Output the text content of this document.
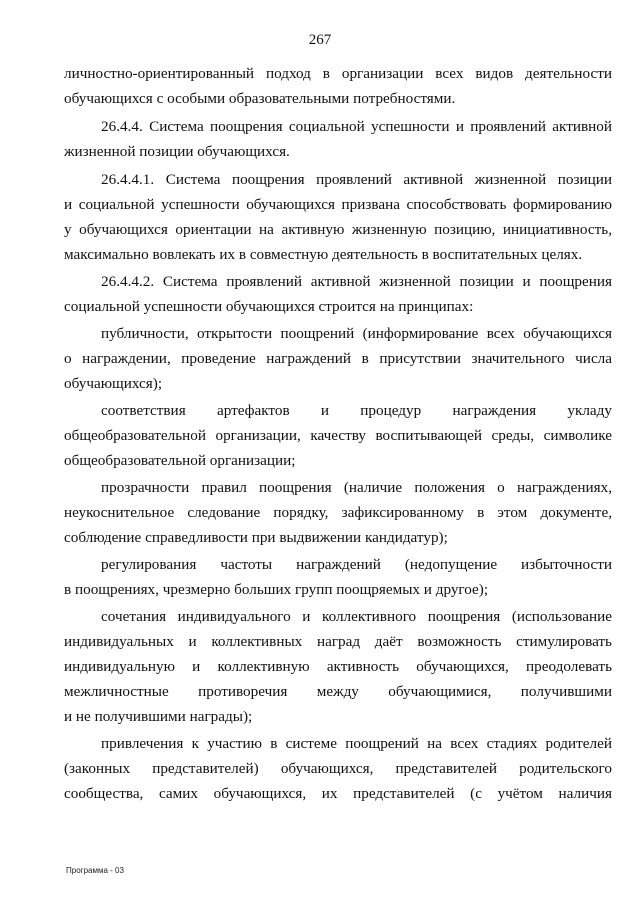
267
личностно-ориентированный подход в организации всех видов деятельности
обучающихся с особыми образовательными потребностями.
26.4.4. Система поощрения социальной успешности и проявлений активной
жизненной позиции обучающихся.
26.4.4.1. Система поощрения проявлений активной жизненной позиции
и социальной успешности обучающихся призвана способствовать формированию
у обучающихся ориентации на активную жизненную позицию, инициативность,
максимально вовлекать их в совместную деятельность в воспитательных целях.
26.4.4.2. Система проявлений активной жизненной позиции и поощрения
социальной успешности обучающихся строится на принципах:
публичности, открытости поощрений (информирование всех обучающихся
о награждении, проведение награждений в присутствии значительного числа
обучающихся);
соответствия артефактов и процедур награждения укладу
общеобразовательной организации, качеству воспитывающей среды, символике
общеобразовательной организации;
прозрачности правил поощрения (наличие положения о награждениях,
неукоснительное следование порядку, зафиксированному в этом документе,
соблюдение справедливости при выдвижении кандидатур);
регулирования частоты награждений (недопущение избыточности
в поощрениях, чрезмерно больших групп поощряемых и другое);
сочетания индивидуального и коллективного поощрения (использование
индивидуальных и коллективных наград даёт возможность стимулировать
индивидуальную и коллективную активность обучающихся, преодолевать
межличностные противоречия между обучающимися, получившими
и не получившими награды);
привлечения к участию в системе поощрений на всех стадиях родителей
(законных представителей) обучающихся, представителей родительского
сообщества, самих обучающихся, их представителей (с учётом наличия
Программа - 03
